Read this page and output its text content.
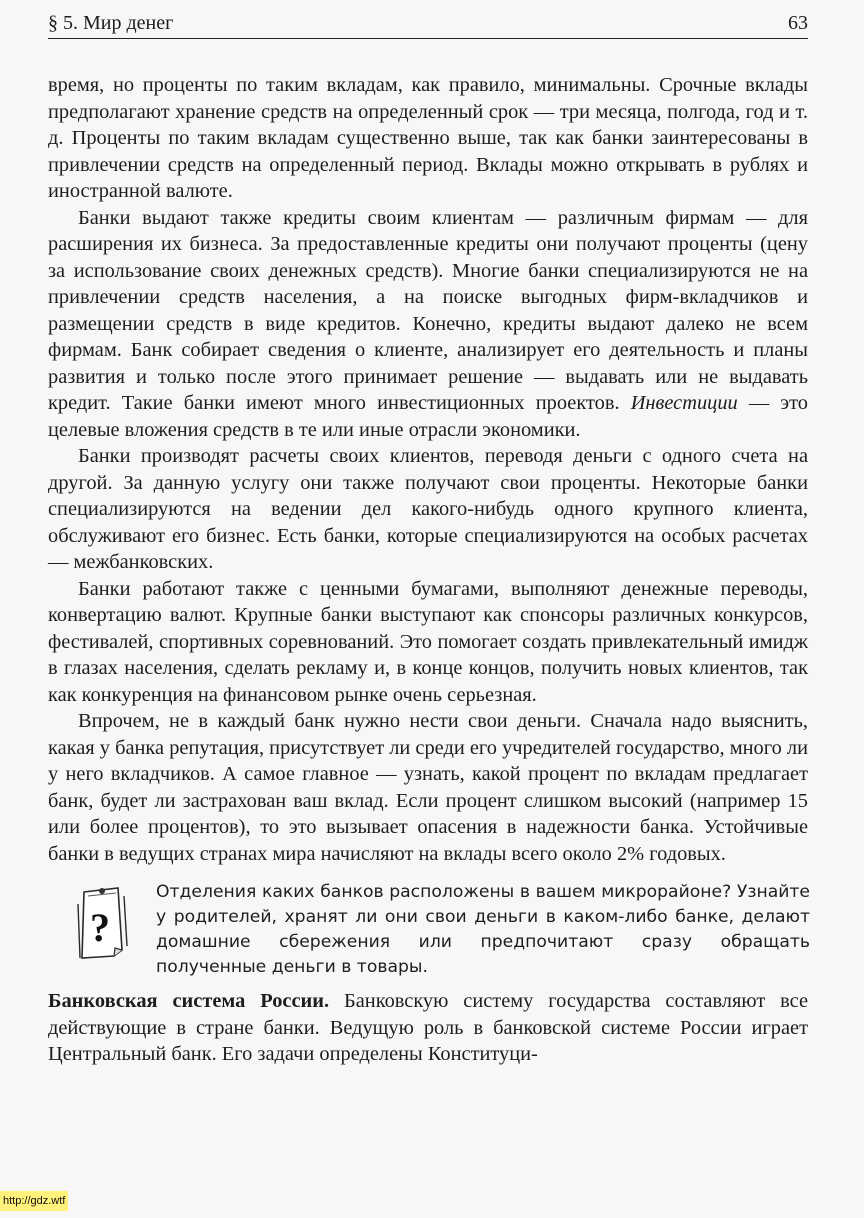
§ 5. Мир денег	63

время, но проценты по таким вкладам, как правило, минимальны. Срочные вклады предполагают хранение средств на определенный срок — три месяца, полгода, год и т. д. Проценты по таким вкладам существенно выше, так как банки заинтересованы в привлечении средств на определенный период. Вклады можно открывать в рублях и иностранной валюте.

Банки выдают также кредиты своим клиентам — различным фирмам — для расширения их бизнеса. За предоставленные кредиты они получают проценты (цену за использование своих денежных средств). Многие банки специализируются не на привлечении средств населения, а на поиске выгодных фирм-вкладчиков и размещении средств в виде кредитов. Конечно, кредиты выдают далеко не всем фирмам. Банк собирает сведения о клиенте, анализирует его деятельность и планы развития и только после этого принимает решение — выдавать или не выдавать кредит. Такие банки имеют много инвестиционных проектов. Инвестиции — это целевые вложения средств в те или иные отрасли экономики.

Банки производят расчеты своих клиентов, переводя деньги с одного счета на другой. За данную услугу они также получают свои проценты. Некоторые банки специализируются на ведении дел какого-нибудь одного крупного клиента, обслуживают его бизнес. Есть банки, которые специализируются на особых расчетах — межбанковских.

Банки работают также с ценными бумагами, выполняют денежные переводы, конвертацию валют. Крупные банки выступают как спонсоры различных конкурсов, фестивалей, спортивных соревнований. Это помогает создать привлекательный имидж в глазах населения, сделать рекламу и, в конце концов, получить новых клиентов, так как конкуренция на финансовом рынке очень серьезная.

Впрочем, не в каждый банк нужно нести свои деньги. Сначала надо выяснить, какая у банка репутация, присутствует ли среди его учредителей государство, много ли у него вкладчиков. А самое главное — узнать, какой процент по вкладам предлагает банк, будет ли застрахован ваш вклад. Если процент слишком высокий (например 15 или более процентов), то это вызывает опасения в надежности банка. Устойчивые банки в ведущих странах мира начисляют на вклады всего около 2% годовых.

?
Отделения каких банков расположены в вашем микрорайоне? Узнайте у родителей, хранят ли они свои деньги в каком-либо банке, делают домашние сбережения или предпочитают сразу обращать полученные деньги в товары.

Банковская система России. Банковскую систему государства составляют все действующие в стране банки. Ведущую роль в банковской системе России играет Центральный банк. Его задачи определены Конституци-

http://gdz.wtf
